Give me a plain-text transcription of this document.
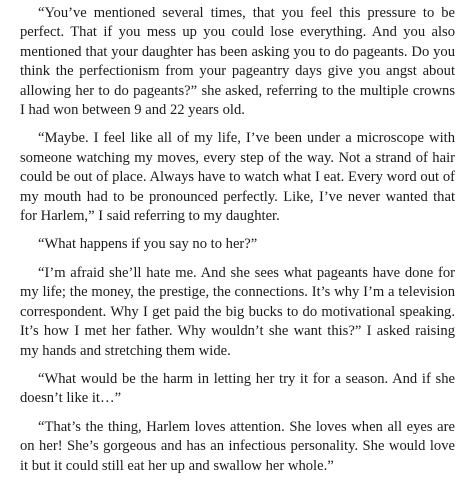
“You’ve mentioned several times, that you feel this pressure to be perfect. That if you mess up you could lose everything. And you also mentioned that your daughter has been asking you to do pageants. Do you think the perfectionism from your pageantry days give you angst about allowing her to do pageants?” she asked, referring to the multiple crowns I had won between 9 and 22 years old.

“Maybe. I feel like all of my life, I’ve been under a microscope with someone watching my moves, every step of the way. Not a strand of hair could be out of place. Always have to watch what I eat. Every word out of my mouth had to be pronounced perfectly. Like, I’ve never wanted that for Harlem,” I said referring to my daughter.

“What happens if you say no to her?”

“I’m afraid she’ll hate me. And she sees what pageants have done for my life; the money, the prestige, the connections. It’s why I’m a television correspondent. Why I get paid the big bucks to do motivational speaking. It’s how I met her father. Why wouldn’t she want this?” I asked raising my hands and stretching them wide.

“What would be the harm in letting her try it for a season. And if she doesn’t like it…”

“That’s the thing, Harlem loves attention. She loves when all eyes are on her! She’s gorgeous and has an infectious personality. She would love it but it could still eat her up and swallow her whole.”
